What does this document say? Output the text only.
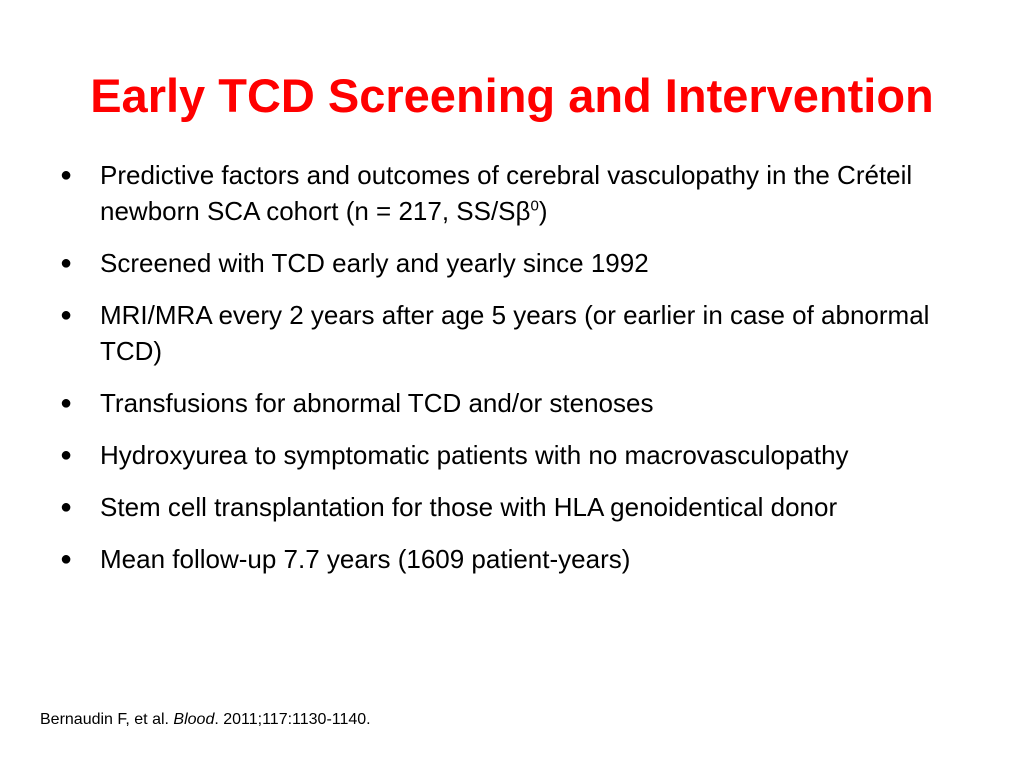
Early TCD Screening and Intervention
● Predictive factors and outcomes of cerebral vasculopathy in the Créteil newborn SCA cohort (n = 217, $SS/S\beta^0$)
● Screened with TCD early and yearly since 1992
● MRI/MRA every 2 years after age 5 years (or earlier in case of abnormal TCD)
● Transfusions for abnormal TCD and/or stenoses
● Hydroxyurea to symptomatic patients with no macrovasculopathy
● Stem cell transplantation for those with HLA genoidentical donor
● Mean follow-up 7.7 years (1609 patient-years)
Bernaudin F, et al. Blood. 2011;117:1130-1140.
